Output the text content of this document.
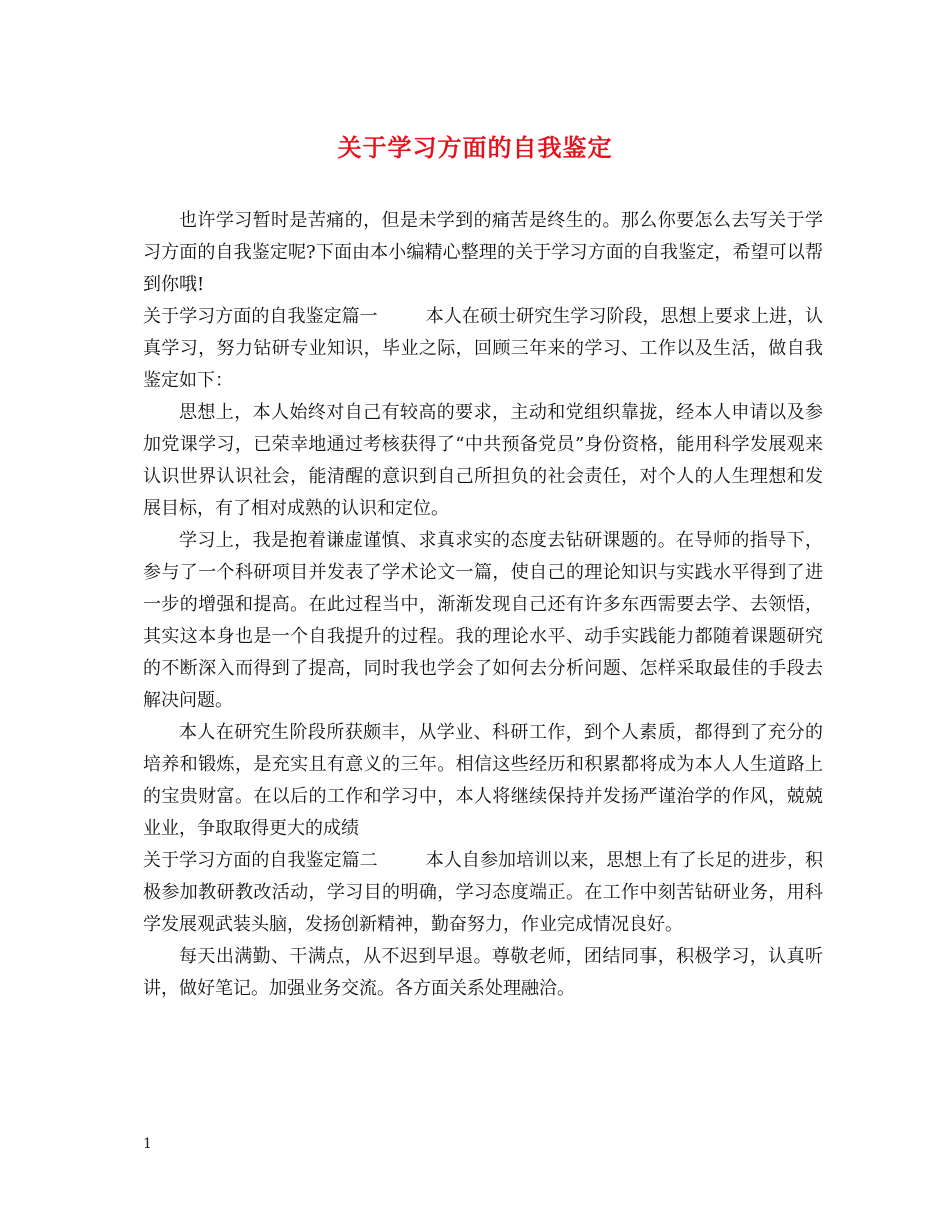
关于学习方面的自我鉴定

也许学习暂时是苦痛的，但是未学到的痛苦是终生的。那么你要怎么去写关于学习方面的自我鉴定呢?下面由本小编精心整理的关于学习方面的自我鉴定，希望可以帮到你哦!

关于学习方面的自我鉴定篇一	本人在硕士研究生学习阶段，思想上要求上进，认真学习，努力钻研专业知识，毕业之际，回顾三年来的学习、工作以及生活，做自我鉴定如下：

思想上，本人始终对自己有较高的要求，主动和党组织靠拢，经本人申请以及参加党课学习，已荣幸地通过考核获得了“中共预备党员”身份资格，能用科学发展观来认识世界认识社会，能清醒的意识到自己所担负的社会责任，对个人的人生理想和发展目标，有了相对成熟的认识和定位。

学习上，我是抱着谦虚谨慎、求真求实的态度去钻研课题的。在导师的指导下，参与了一个科研项目并发表了学术论文一篇，使自己的理论知识与实践水平得到了进一步的增强和提高。在此过程当中，渐渐发现自己还有许多东西需要去学、去领悟，其实这本身也是一个自我提升的过程。我的理论水平、动手实践能力都随着课题研究的不断深入而得到了提高，同时我也学会了如何去分析问题、怎样采取最佳的手段去解决问题。

本人在研究生阶段所获颇丰，从学业、科研工作，到个人素质，都得到了充分的培养和锻炼，是充实且有意义的三年。相信这些经历和积累都将成为本人人生道路上的宝贵财富。在以后的工作和学习中，本人将继续保持并发扬严谨治学的作风，兢兢业业，争取取得更大的成绩

关于学习方面的自我鉴定篇二	本人自参加培训以来，思想上有了长足的进步，积极参加教研教改活动，学习目的明确，学习态度端正。在工作中刻苦钻研业务，用科学发展观武装头脑，发扬创新精神，勤奋努力，作业完成情况良好。

每天出满勤、干满点，从不迟到早退。尊敬老师，团结同事，积极学习，认真听讲，做好笔记。加强业务交流。各方面关系处理融洽。

1
